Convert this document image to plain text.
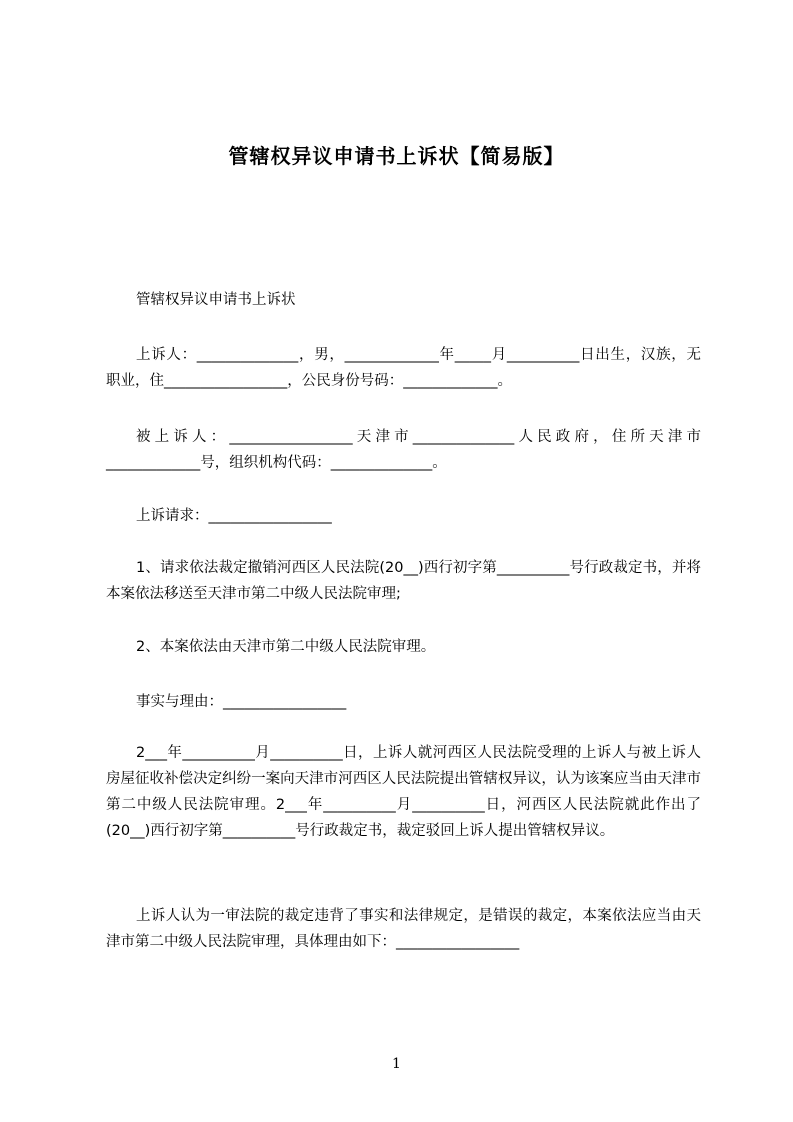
管辖权异议申请书上诉状【简易版】
管辖权异议申请书上诉状
上诉人：______________，男，_____________年_____月__________日出生，汉族，无职业，住_________________，公民身份号码：_____________。
被上诉人：_________________天津市______________人民政府，住所天津市_____________号，组织机构代码：______________。
上诉请求：_________________
1、请求依法裁定撤销河西区人民法院(20__)西行初字第__________号行政裁定书，并将本案依法移送至天津市第二中级人民法院审理;
2、本案依法由天津市第二中级人民法院审理。
事实与理由：_________________
2___年__________月__________日，上诉人就河西区人民法院受理的上诉人与被上诉人房屋征收补偿决定纠纷一案向天津市河西区人民法院提出管辖权异议，认为该案应当由天津市第二中级人民法院审理。2___年__________月__________日，河西区人民法院就此作出了(20__)西行初字第__________号行政裁定书，裁定驳回上诉人提出管辖权异议。
上诉人认为一审法院的裁定违背了事实和法律规定，是错误的裁定，本案依法应当由天津市第二中级人民法院审理，具体理由如下：_________________
1
